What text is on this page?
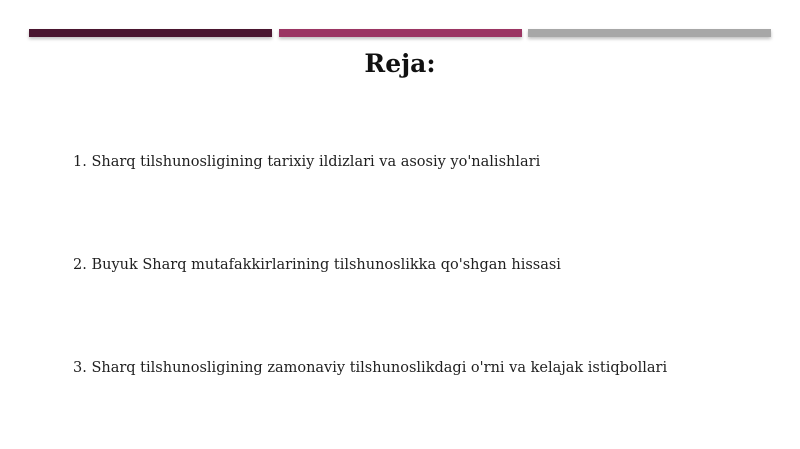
Reja:
1. Sharq tilshunosligining tarixiy ildizlari va asosiy yo'nalishlari
2. Buyuk Sharq mutafakkirlarining tilshunoslikka qo'shgan hissasi
3. Sharq tilshunosligining zamonaviy tilshunoslikdagi o'rni va kelajak istiqbollari
